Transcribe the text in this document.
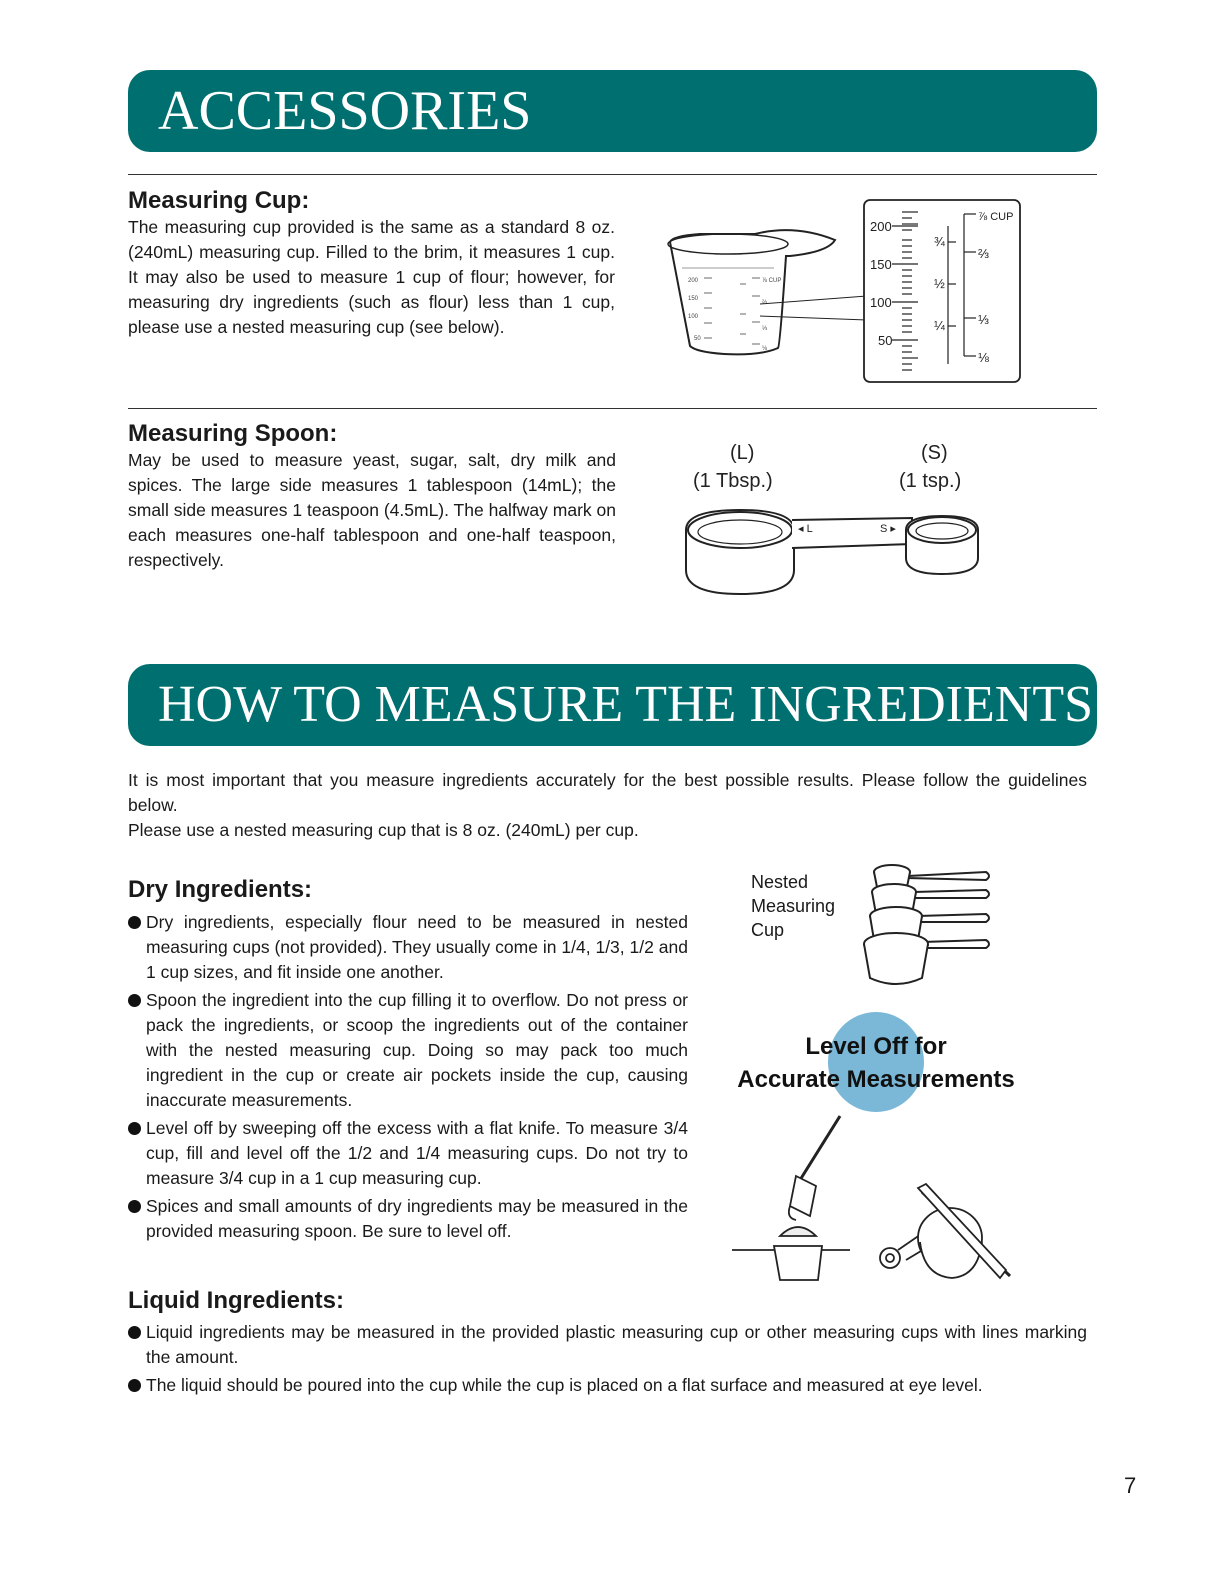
ACCESSORIES
Measuring Cup:
The measuring cup provided is the same as a standard 8 oz. (240mL) measuring cup. Filled to the brim, it measures 1 cup. It may also be used to measure 1 cup of flour; however, for measuring dry ingredients (such as flour) less than 1 cup, please use a nested measuring cup (see below).
200
150
100
50
⅞ CUP
⅔
⅓
⅛
200
150
100
50
¾
½
¼
⅞ CUP
⅔
⅓
⅛
Measuring Spoon:
May be used to measure yeast, sugar, salt, dry milk and spices. The large side measures 1 tablespoon (14mL); the small side measures 1 teaspoon (4.5mL). The halfway mark on each measures one-half tablespoon and one-half teaspoon, respectively.
(L)
(1 Tbsp.)
(S)
(1 tsp.)
◂ L	S ▸
HOW TO MEASURE THE INGREDIENTS

It is most important that you measure ingredients accurately for the best possible results. Please follow the guidelines below.

Please use a nested measuring cup that is 8 oz. (240mL) per cup.

Dry Ingredients:
Dry ingredients, especially flour need to be measured in nested measuring cups (not provided). They usually come in 1/4, 1/3, 1/2 and 1 cup sizes, and fit inside one another.
Spoon the ingredient into the cup filling it to overflow. Do not press or pack the ingredients, or scoop the ingredients out of the container with the nested measuring cup. Doing so may pack too much ingredient in the cup or create air pockets inside the cup, causing inaccurate measurements.
Level off by sweeping off the excess with a flat knife. To measure 3/4 cup, fill and level off the 1/2 and 1/4 measuring cups. Do not try to measure 3/4 cup in a 1 cup measuring cup.
Spices and small amounts of dry ingredients may be measured in the provided measuring spoon. Be sure to level off.
Nested
Measuring
Cup
Level Off for
Accurate Measurements
Liquid Ingredients:
Liquid ingredients may be measured in the provided plastic measuring cup or other measuring cups with lines marking the amount.
The liquid should be poured into the cup while the cup is placed on a flat surface and measured at eye level.
7
